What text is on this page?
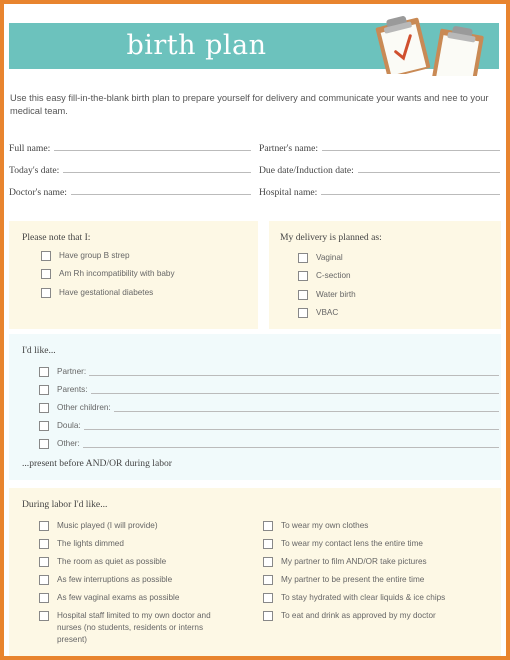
birth plan
Use this easy fill-in-the-blank birth plan to prepare yourself for delivery and communicate your wants and nee to your medical team.
Full name:	Partner's name:
Today's date:	Due date/Induction date:
Doctor's name:	Hospital name:
Please note that I:
Have group B strep
Am Rh incompatibility with baby
Have gestational diabetes
My delivery is planned as:
Vaginal
C-section
Water birth
VBAC
I'd like...
Partner:
Parents:
Other children:
Doula:
Other:
...present before AND/OR during labor
During labor I'd like...
Music played (I will provide)
The lights dimmed
The room as quiet as possible
As few interruptions as possible
As few vaginal exams as possible
Hospital staff limited to my own doctor and nurses (no students, residents or interns present)
To wear my own clothes
To wear my contact lens the entire time
My partner to film AND/OR take pictures
My partner to be present the entire time
To stay hydrated with clear liquids & ice chips
To eat and drink as approved by my doctor
